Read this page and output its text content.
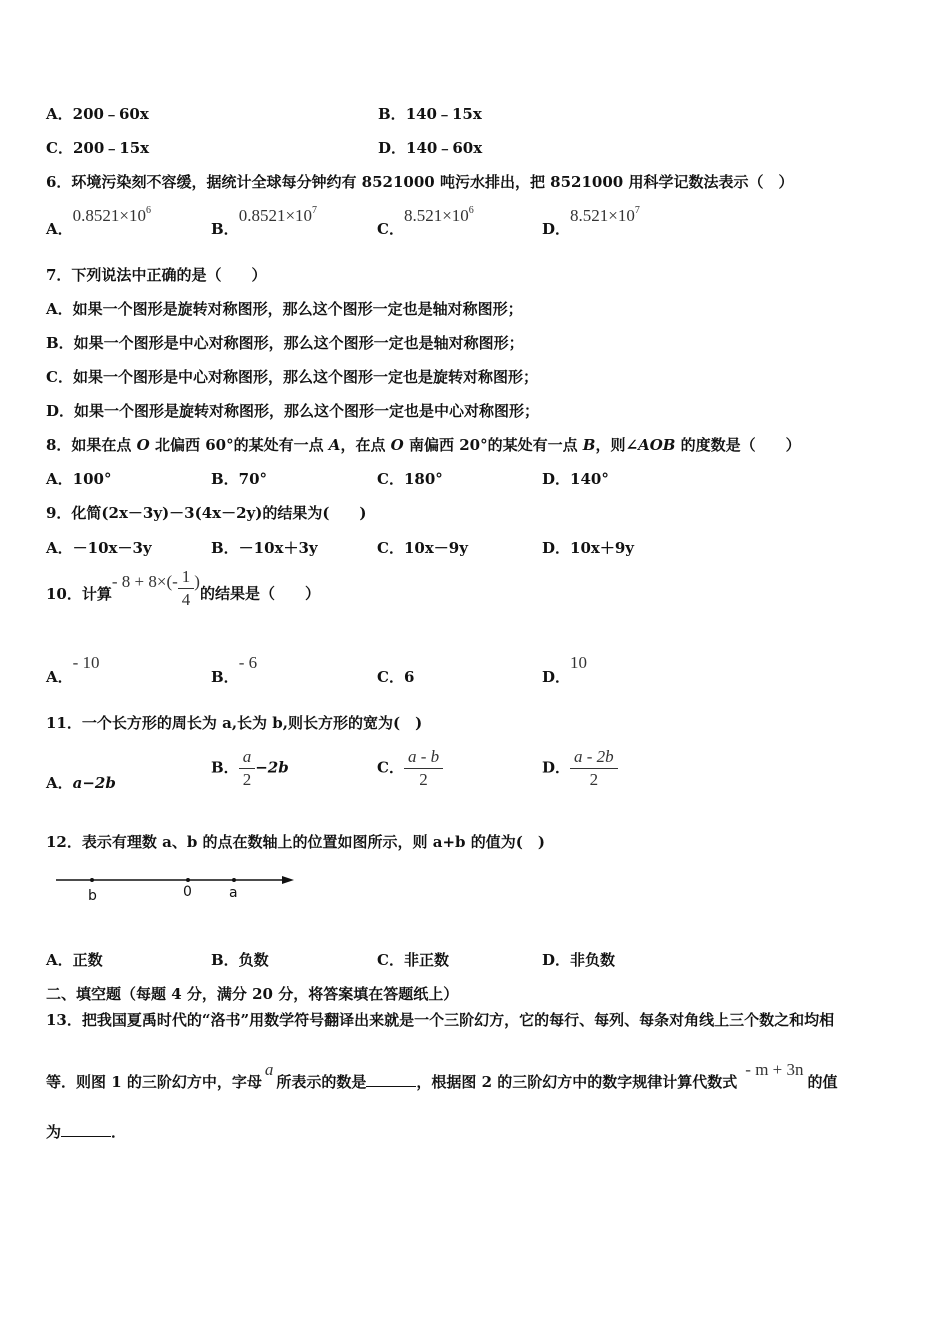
A．200﹣60x	B．140﹣15x
C．200﹣15x	D．140﹣60x
6．环境污染刻不容缓，据统计全球每分钟约有 8521000 吨污水排出，把 8521000 用科学记数法表示（　）
A．$0.8521\times 10^6$
B．$0.8521\times 10^7$
C．$8.521\times 10^6$
D．$8.521\times 10^7$
7．下列说法中正确的是（　　）
A．如果一个图形是旋转对称图形，那么这个图形一定也是轴对称图形；
B．如果一个图形是中心对称图形，那么这个图形一定也是轴对称图形；
C．如果一个图形是中心对称图形，那么这个图形一定也是旋转对称图形；
D．如果一个图形是旋转对称图形，那么这个图形一定也是中心对称图形；
8．如果在点 O 北偏西 60°的某处有一点 A，在点 O 南偏西 20°的某处有一点 B，则∠AOB 的度数是（　　）
A．100°	B．70°	C．180°	D．140°
9．化简(2x－3y)－3(4x－2y)的结果为(　　)
A．－10x－3y	B．－10x＋3y	C．10x－9y	D．10x＋9y
10．计算- $8 + 8\times(- \frac{1}{4}$ )的结果是（　　）
A．- 10
B．- 6
C．6	D．10
11．一个长方形的周长为 a,长为 b,则长方形的宽为(　)
A．a−2b
B． $\frac{a}{2} -2b$	C． $\frac{a - b}{2}$	D． $\frac{a - 2b}{2}$
12．表示有理数 a、b 的点在数轴上的位置如图所示，则 a+b 的值为(　)
b	0	a
A．正数	B．负数	C．非正数	D．非负数
二、填空题（每题 4 分，满分 20 分，将答案填在答题纸上）
13．把我国夏禹时代的“洛书”用数学符号翻译出来就是一个三阶幻方，它的每行、每列、每条对角线上三个数之和均相
等．则图 1 的三阶幻方中，字母a所表示的数是	，根据图 2 的三阶幻方中的数字规律计算代数式- m + 3n的值
为	．
